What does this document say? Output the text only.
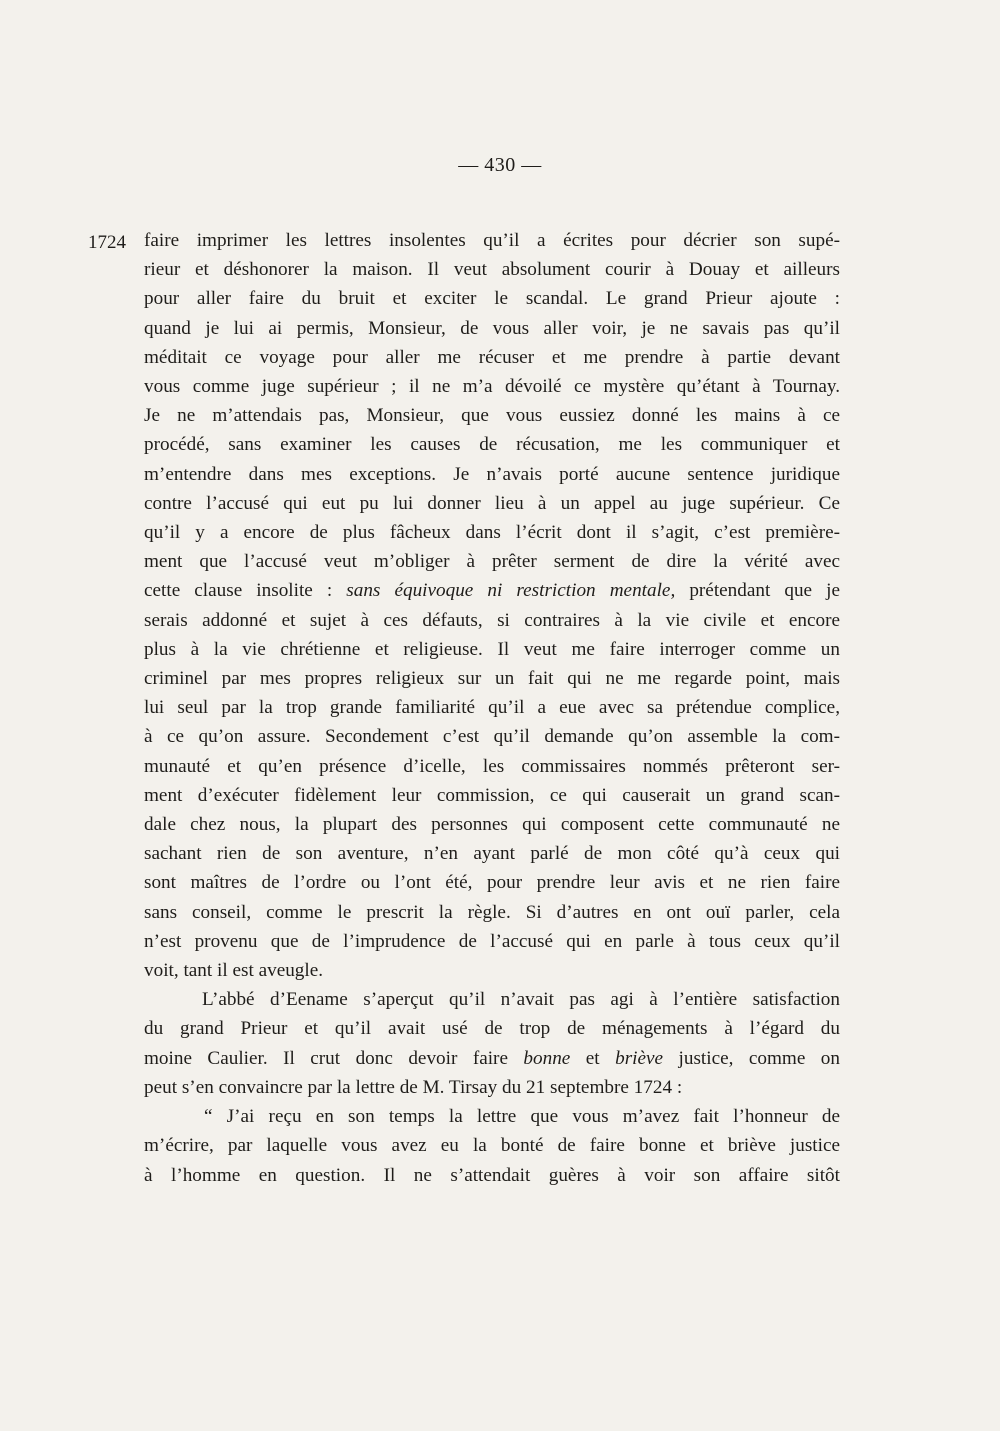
— 430 —
1724 faire imprimer les lettres insolentes qu’il a écrites pour décrier son supé-
rieur et déshonorer la maison. Il veut absolument courir à Douay et ailleurs
pour aller faire du bruit et exciter le scandal. Le grand Prieur ajoute :
quand je lui ai permis, Monsieur, de vous aller voir, je ne savais pas qu’il
méditait ce voyage pour aller me récuser et me prendre à partie devant
vous comme juge supérieur ; il ne m’a dévoilé ce mystère qu’étant à Tournay.
Je ne m’attendais pas, Monsieur, que vous eussiez donné les mains à ce
procédé, sans examiner les causes de récusation, me les communiquer et
m’entendre dans mes exceptions. Je n’avais porté aucune sentence juridique
contre l’accusé qui eut pu lui donner lieu à un appel au juge supérieur. Ce
qu’il y a encore de plus fâcheux dans l’écrit dont il s’agit, c’est première-
ment que l’accusé veut m’obliger à prêter serment de dire la vérité avec
cette clause insolite : sans équivoque ni restriction mentale, prétendant que je
serais addonné et sujet à ces défauts, si contraires à la vie civile et encore
plus à la vie chrétienne et religieuse. Il veut me faire interroger comme un
criminel par mes propres religieux sur un fait qui ne me regarde point, mais
lui seul par la trop grande familiarité qu’il a eue avec sa prétendue complice,
à ce qu’on assure. Secondement c’est qu’il demande qu’on assemble la com-
munauté et qu’en présence d’icelle, les commissaires nommés prêteront ser-
ment d’exécuter fidèlement leur commission, ce qui causerait un grand scan-
dale chez nous, la plupart des personnes qui composent cette communauté ne
sachant rien de son aventure, n’en ayant parlé de mon côté qu’à ceux qui
sont maîtres de l’ordre ou l’ont été, pour prendre leur avis et ne rien faire
sans conseil, comme le prescrit la règle. Si d’autres en ont ouï parler, cela
n’est provenu que de l’imprudence de l’accusé qui en parle à tous ceux qu’il
voit, tant il est aveugle.
L’abbé d’Eename s’aperçut qu’il n’avait pas agi à l’entière satisfaction
du grand Prieur et qu’il avait usé de trop de ménagements à l’égard du
moine Caulier. Il crut donc devoir faire bonne et briève justice, comme on
peut s’en convaincre par la lettre de M. Tirsay du 21 septembre 1724 :
“ J’ai reçu en son temps la lettre que vous m’avez fait l’honneur de
m’écrire, par laquelle vous avez eu la bonté de faire bonne et briève justice
à l’homme en question. Il ne s’attendait guères à voir son affaire sitôt
